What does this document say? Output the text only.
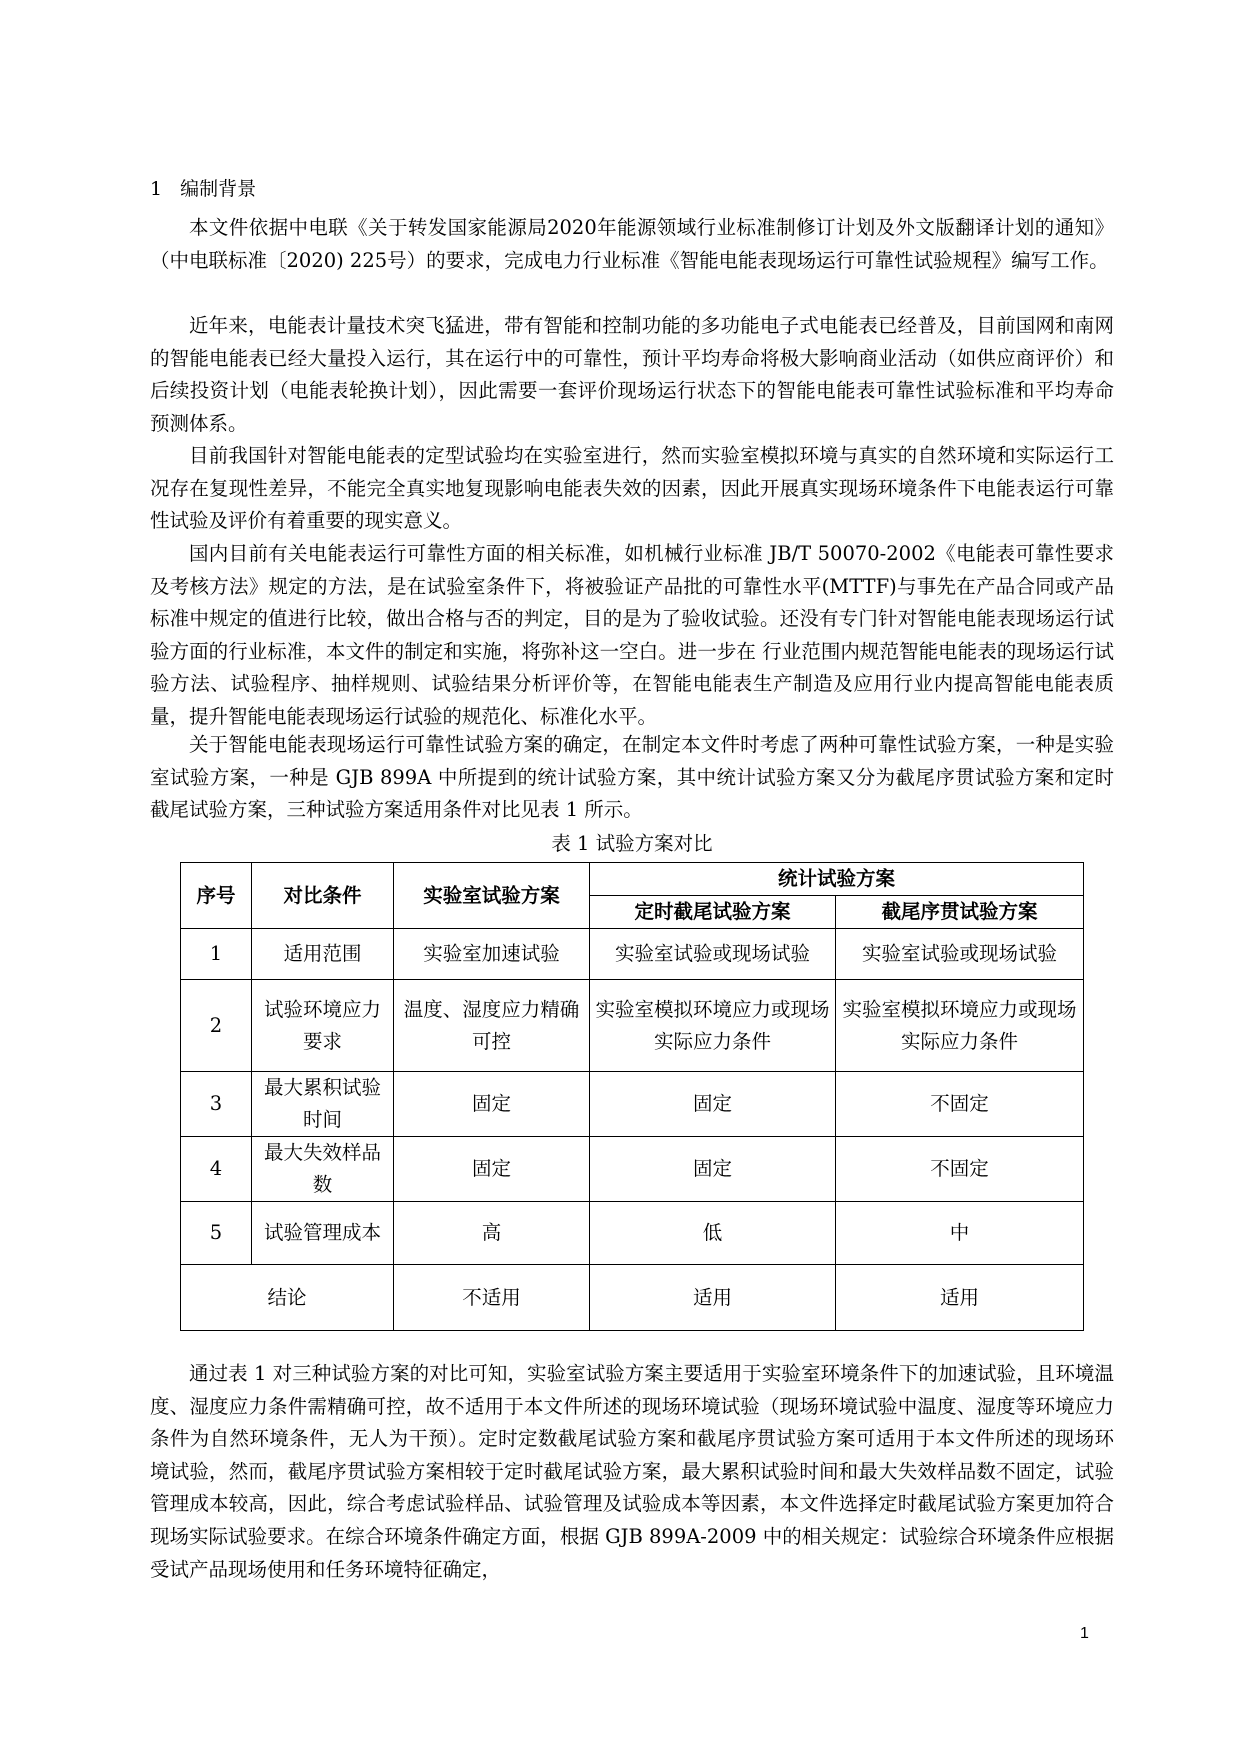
1 编制背景

本文件依据中电联《关于转发国家能源局2020年能源领域行业标准制修订计划及外文版翻译计划的通知》（中电联标准〔2020) 225号）的要求，完成电力行业标准《智能电能表现场运行可靠性试验规程》编写工作。

近年来，电能表计量技术突飞猛进，带有智能和控制功能的多功能电子式电能表已经普及，目前国网和南网的智能电能表已经大量投入运行，其在运行中的可靠性，预计平均寿命将极大影响商业活动（如供应商评价）和后续投资计划（电能表轮换计划），因此需要一套评价现场运行状态下的智能电能表可靠性试验标准和平均寿命预测体系。

目前我国针对智能电能表的定型试验均在实验室进行，然而实验室模拟环境与真实的自然环境和实际运行工况存在复现性差异，不能完全真实地复现影响电能表失效的因素，因此开展真实现场环境条件下电能表运行可靠性试验及评价有着重要的现实意义。

国内目前有关电能表运行可靠性方面的相关标准，如机械行业标准 JB/T 50070-2002《电能表可靠性要求及考核方法》规定的方法，是在试验室条件下，将被验证产品批的可靠性水平(MTTF)与事先在产品合同或产品标准中规定的值进行比较，做出合格与否的判定，目的是为了验收试验。还没有专门针对智能电能表现场运行试验方面的行业标准，本文件的制定和实施，将弥补这一空白。进一步在 行业范围内规范智能电能表的现场运行试验方法、试验程序、抽样规则、试验结果分析评价等，在智能电能表生产制造及应用行业内提高智能电能表质量，提升智能电能表现场运行试验的规范化、标准化水平。

关于智能电能表现场运行可靠性试验方案的确定，在制定本文件时考虑了两种可靠性试验方案，一种是实验室试验方案，一种是 GJB 899A 中所提到的统计试验方案，其中统计试验方案又分为截尾序贯试验方案和定时截尾试验方案，三种试验方案适用条件对比见表 1 所示。

表 1 试验方案对比
序号	对比条件	实验室试验方案	统计试验方案	
			定时截尾试验方案	截尾序贯试验方案
1	适用范围	实验室加速试验	实验室试验或现场试验	实验室试验或现场试验
2	试验环境应力要求	温度、湿度应力精确可控	实验室模拟环境应力或现场实际应力条件	实验室模拟环境应力或现场实际应力条件
3	最大累积试验时间	固定	固定	不固定
4	最大失效样品数	固定	固定	不固定
5	试验管理成本	高	低	中
结论		不适用	适用	适用

通过表 1 对三种试验方案的对比可知，实验室试验方案主要适用于实验室环境条件下的加速试验，且环境温度、湿度应力条件需精确可控，故不适用于本文件所述的现场环境试验（现场环境试验中温度、湿度等环境应力条件为自然环境条件，无人为干预）。定时定数截尾试验方案和截尾序贯试验方案可适用于本文件所述的现场环境试验，然而，截尾序贯试验方案相较于定时截尾试验方案，最大累积试验时间和最大失效样品数不固定，试验管理成本较高，因此，综合考虑试验样品、试验管理及试验成本等因素，本文件选择定时截尾试验方案更加符合现场实际试验要求。在综合环境条件确定方面，根据 GJB 899A-2009 中的相关规定：试验综合环境条件应根据受试产品现场使用和任务环境特征确定，

1
